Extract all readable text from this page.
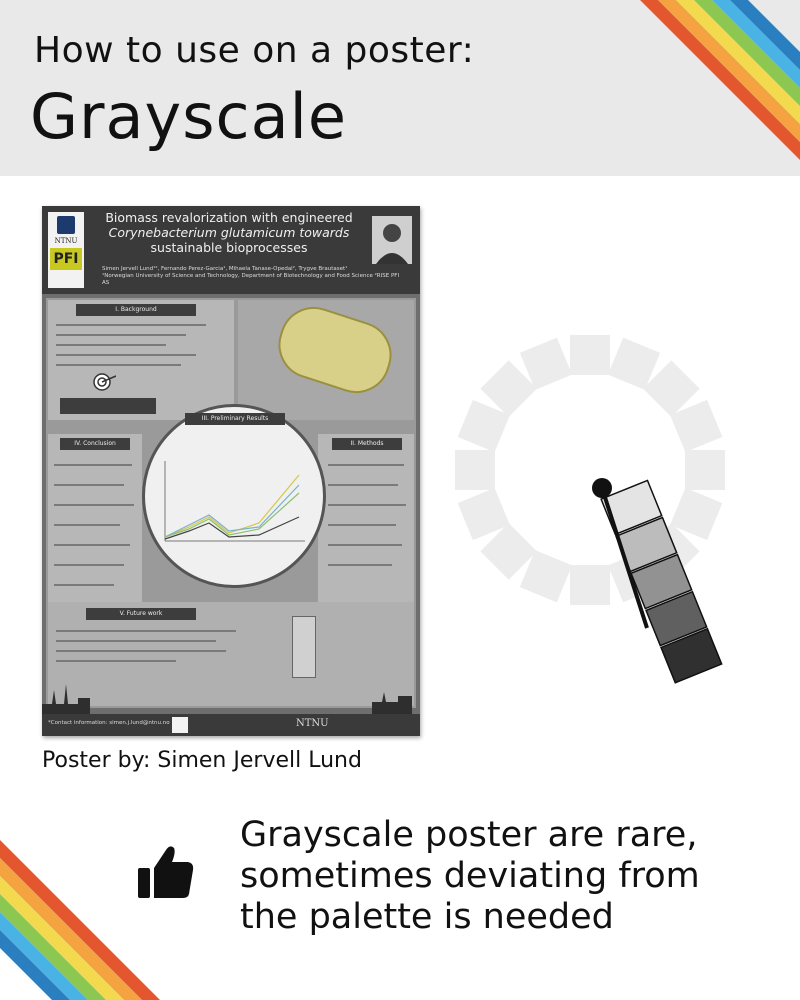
How to use on a poster:
Grayscale
NTNU
PFI
Biomass revalorization with engineered
Corynebacterium glutamicum towards
sustainable bioprocesses
Simen Jervell Lund¹², Fernando Perez-Garcia¹, Mihaela Tanase-Opedal², Trygve Brautaset¹
¹Norwegian University of Science and Technology, Department of Biotechnology and Food Science ²RISE PFI AS
I. Background
IV. Conclusion	II. Methods
V. Future work
III. Preliminary Results
*Contact information: simen.j.lund@ntnu.no	NTNU
Poster by: Simen Jervell Lund
Grayscale poster are rare,
sometimes deviating from
the palette is needed
